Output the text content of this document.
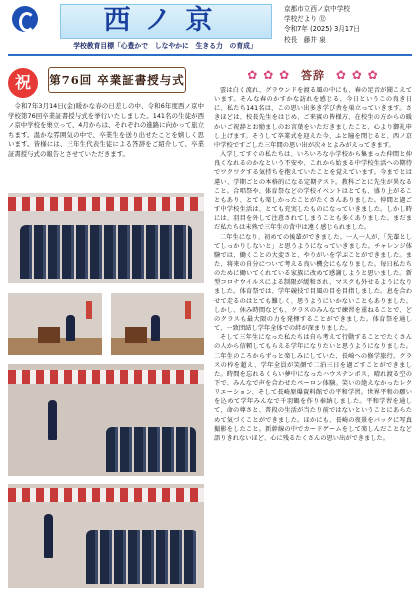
西ノ京
学校教育目標「心豊かで　しなやかに　生きる力　の育成」
京都市立西ノ京中学校
学校だより ⑫
令和7年 (2025) 3月17日
校長　藤井 泉
祝	第76回 卒業証書授与式
　令和7年3月14日(金)暖かな春の日差しの中、令和6年度西ノ京中学校第76回卒業証書授与式を挙行いたしました。141名の生徒が西ノ京中学校を巣立って、4月からは、それぞれの進路に向かって旅立ちます。温かな雰囲気の中で、卒業生を送り出せたことを嬉しく思います。皆様には、三年生代表生徒による答辞をご紹介して、卒業証書授与式の報告とさせていただきます。
✿ ✿ ✿ 答辞 ✿ ✿ ✿

雲は白く流れ、グラウンドを渡る風の中にも、春の足音が聞こえています。そんな春のかすかな訪れを感じる、今日というこの良き日に、私たち141名は、この思い出多き学び舎を巣立っていきます。さきほどは、校長先生をはじめ、ご来賓の皆様方、在校生の方からの暖かいご祝辞とお励ましのお言葉をいただきましたこと、心より御礼申し上げます。そうして卒業式を迎えた今、ふと瞳を閉じると、西ノ京中学校ですごした三年間の思い出が次々とよみがえってきます。

入学してすぐの私たちは、いろいろな小学校から集まった仲間と仲良くなれるのかなという不安や、これから始まる中学校生活への期待でワクワクする気持ちを抱えていたことを覚えています。今までとは違い、学期ごとの本格的になる定期テスト。教科ごとに先生が異なること。合唱祭や、体育祭などの学校イベントはとても、盛り上がることもあり、とても楽しかったことがたくさんありました。仲間と過ごす中学校生活は、とても充実したものになっていきました。しかし時には、羽目を外して注意されてしまうことも多くありました。まだまだ私たちは未熟で三年生の背中は遠く感じられました。

二年生になり、初めての後輩ができました。一人一人が、「先輩としてしっかりしないと」と思うようになっていきました。チャレンジ体験では、働くことの大変さと、やりがいを学ぶことができました。また、将来の自分について考える良い機会にもなりました。毎日私たちのために働いてくれている家族に改めて感謝しようと思いました。新型コロナウイルスによる制限が緩和され、マスクも外せるようになりました。体育祭では、学年競技で目風の目を目指しました。息を合わせて走るのはとても難しく、思うようにいかないこともありました。しかし、休み時間なども、クラスのみんなで練習を重ねることで、どのクラスも最大限の力を発揮することができました。体育祭を通して、一致団結し学年全体での絆が深まりました。

そして三年生になった私たちは自ら考えて行動することでたくさんの人から信頼してもらえる学年になりたいと思うようになりました。二年生のころからずっと楽しみにしていた、長崎への修学旅行。クラスの枠を超え、学年全員が笑顔で二泊三日を過ごすことができました。時間を忘れるくらい夢中になったハウステンボス、晴れ渡る空の下で、みんなで声を合わせたペーロン体験。笑いの絶えなかったレクリエーション、そして長崎原爆資料館での平和学習。世界平和の願いを込めて学年みんなで千羽鶴を作り奉納しました。平和学習を通して、命の尊さと、普段の生活が当たり前ではないということにあらためて気づくことができました。ほかにも、長崎の夜景をバックに写真撮影をしたこと。新幹線の中でカードゲームをして楽しんだことなど語りきれないほど、心に残るたくさんの思い出ができました。
